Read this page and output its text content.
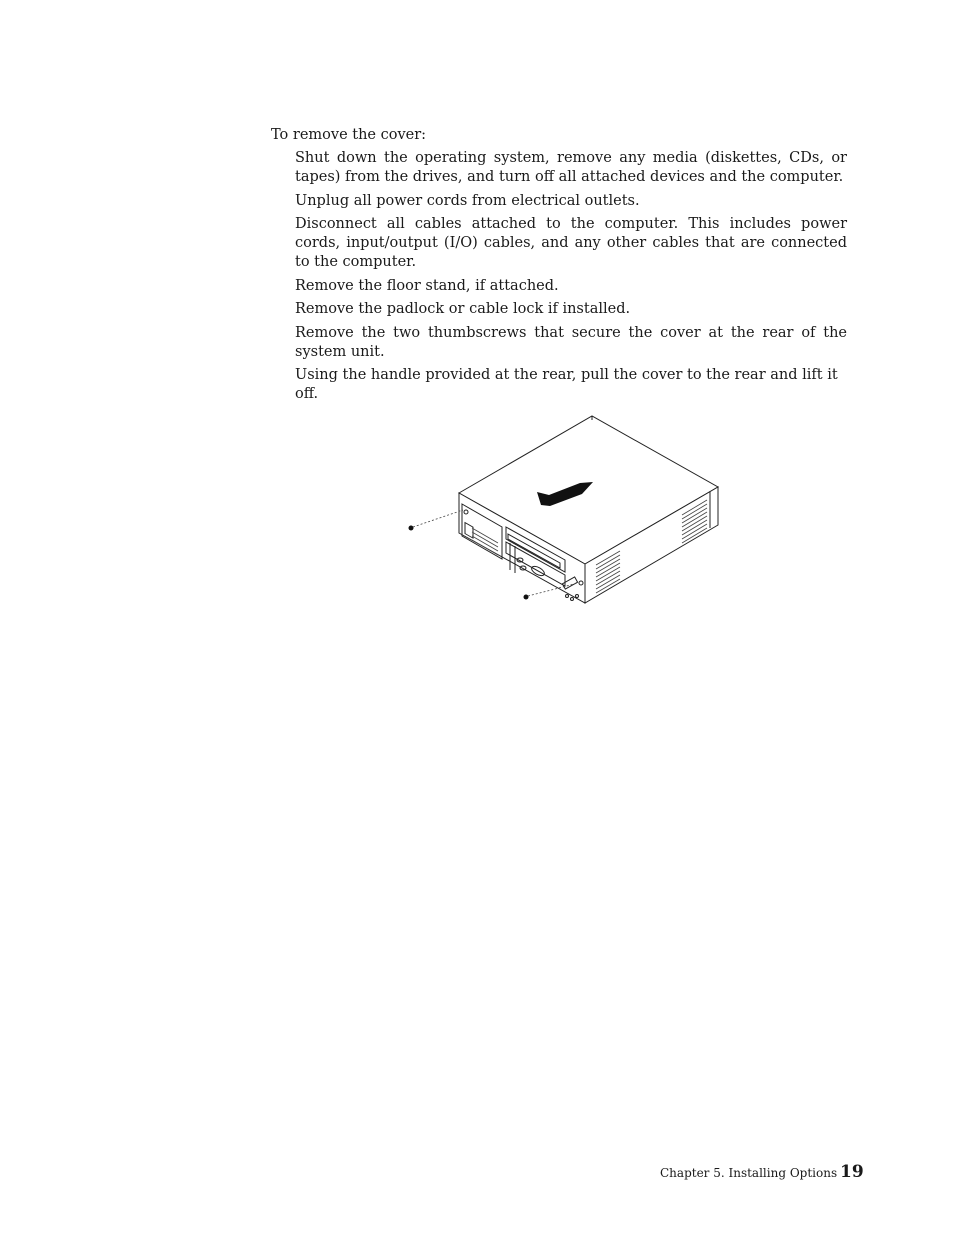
To remove the cover:

Shut down the operating system, remove any media (diskettes, CDs, or tapes) from the drives, and turn off all attached devices and the computer.
Unplug all power cords from electrical outlets.
Disconnect all cables attached to the computer. This includes power cords, input/output (I/O) cables, and any other cables that are connected to the computer.
Remove the floor stand, if attached.
Remove the padlock or cable lock if installed.
Remove the two thumbscrews that secure the cover at the rear of the system unit.
Using the handle provided at the rear, pull the cover to the rear and lift it off.
Chapter 5. Installing Options 19
